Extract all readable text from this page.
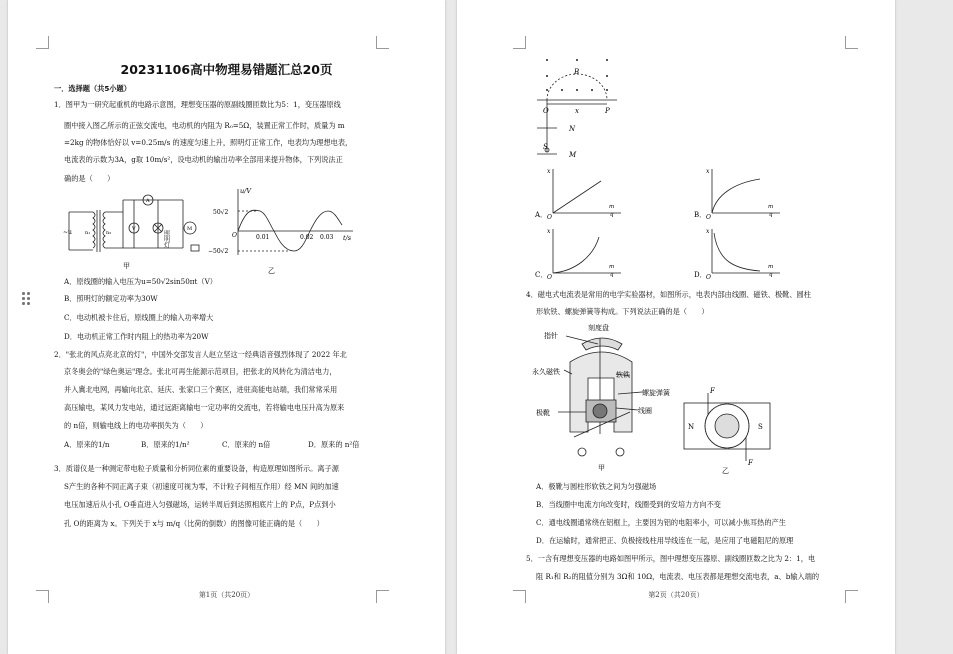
20231106高中物理易错题汇总20页
一．选择题（共5小题）
1．图甲为一研究起重机的电路示意图，理想变压器的原副线圈匝数比为5：1，变压器原线
圈中接入图乙所示的正弦交流电，电动机的内阻为 R₀=5Ω，装置正常工作时，质量为 m
=2kg 的物体恰好以 v=0.25m/s 的速度匀速上升，照明灯正常工作，电表均为理想电表，
电流表的示数为3A，g取 10m/s²，设电动机的输出功率全部用来提升物体，下列说法正
确的是（　　）
~u	n₁	n₂
A
V	M
照明灯
甲
u/V
t/s
50√2
−50√2
O	0.01	0.02 0.03
乙
A．原线圈的输入电压为u=50√2sin50πt（V）
B．照明灯的额定功率为30W
C．电动机被卡住后，原线圈上的输入功率增大
D．电动机正常工作时内阻上的热功率为20W
2．"张北的风点亮北京的灯"，中国外交部发言人赵立坚这一经典语音强烈体现了 2022 年北
京冬奥会的"绿色奥运"理念。张北可再生能源示范项目，把张北的风转化为清洁电力，
并入冀北电网，再输向北京、延庆、张家口三个赛区，进驻高能电站端，我们常常采用
高压输电，某风力发电站，通过远距离输电一定功率的交流电，若将输电电压升高为原来
的 n倍，则输电线上的电功率损失为（　　）
A．原来的1/n	B．原来的1/n²	C．原来的 n倍	D．原来的 n²倍
3．质谱仪是一种测定带电粒子质量和分析同位素的重要设备，构造原理如图所示。离子源
S产生的各种不同正离子束（初速度可视为零，不计粒子间相互作用）经 MN 间的加速
电压加速后从小孔 O垂直进入匀强磁场，运转半周后到达照相底片上的 P点，P点到小
孔 O的距离为 x。下列关于 x与 m/q（比荷的倒数）的图像可能正确的是（　　）
第1页（共20页）
B
O	x	P
N
S
M
A．
x
O
m
q	B．
x
O
m
q
C．
x
O
m
q	D．
x
O
m
q
4．磁电式电流表是常用的电学实验器材，如图所示，电表内部由线圈、磁铁、极靴、圆柱
形软铁、螺旋弹簧等构成。下列说法正确的是（　　）
刻度盘
指针
永久磁铁	软铁
螺旋弹簧
极靴	线圈
甲
N	S
F
F
乙
A．极靴与圆柱形软铁之间为匀强磁场
B．当线圈中电流方向改变时，线圈受到的安培力方向不变
C．通电线圈通常绕在铝框上，主要因为铝的电阻率小，可以减小焦耳热的产生
D．在运输时，通常把正、负极接线柱用导线连在一起，是应用了电磁阻尼的原理
5．一含有理想变压器的电路如图甲所示，图中理想变压器原、副线圈匝数之比为 2：1，电
阻 R₁和 R₂的阻值分别为 3Ω和 10Ω，电流表、电压表都是理想交流电表，a、b输入端的
第2页（共20页）
